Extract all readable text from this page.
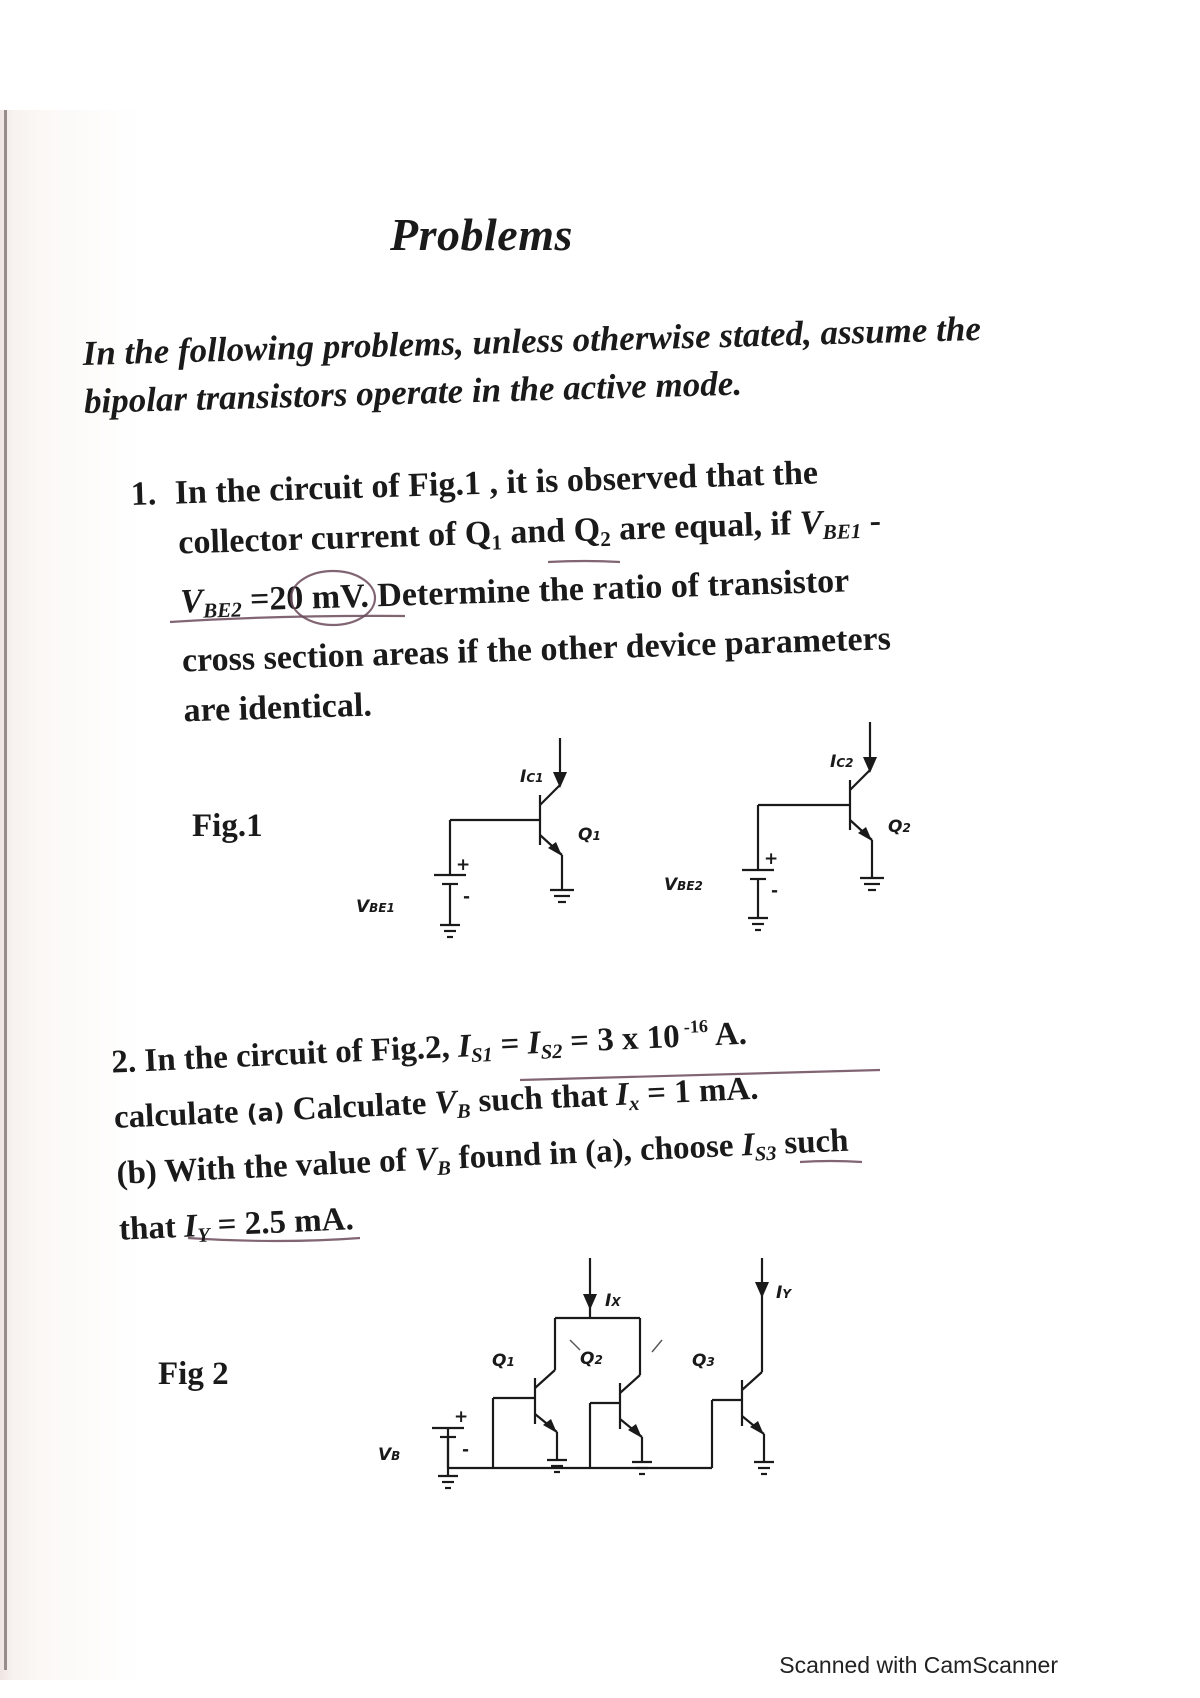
Problems
In the following problems, unless otherwise stated, assume the bipolar transistors operate in the active mode.
1. In the circuit of Fig.1 , it is observed that the
collector current of $Q_1$ and $Q_2$ are equal, if $V_{BE1}$ -
$V_{BE2} =20$ mV. Determine the ratio of transistor
cross section areas if the other device parameters
are identical.
Fig.1
IC1
IC2
Q1	Q2
VBE1
VBE2
+
-
+
-
2. In the circuit of Fig.2, $I_{S1} = I_{S2} = 3$ x 10 $^{-16}$ A.
calculate (a) Calculate $V_B$ such that $I_x = 1$ mA.
(b) With the value of $V_B$ found in (a), choose $I_{S3}$ such
that $I_Y = 2.5$ mA.
Fig 2
IX	IY
Q1	Q2	Q3
VB
+
-
Scanned with CamScanner
